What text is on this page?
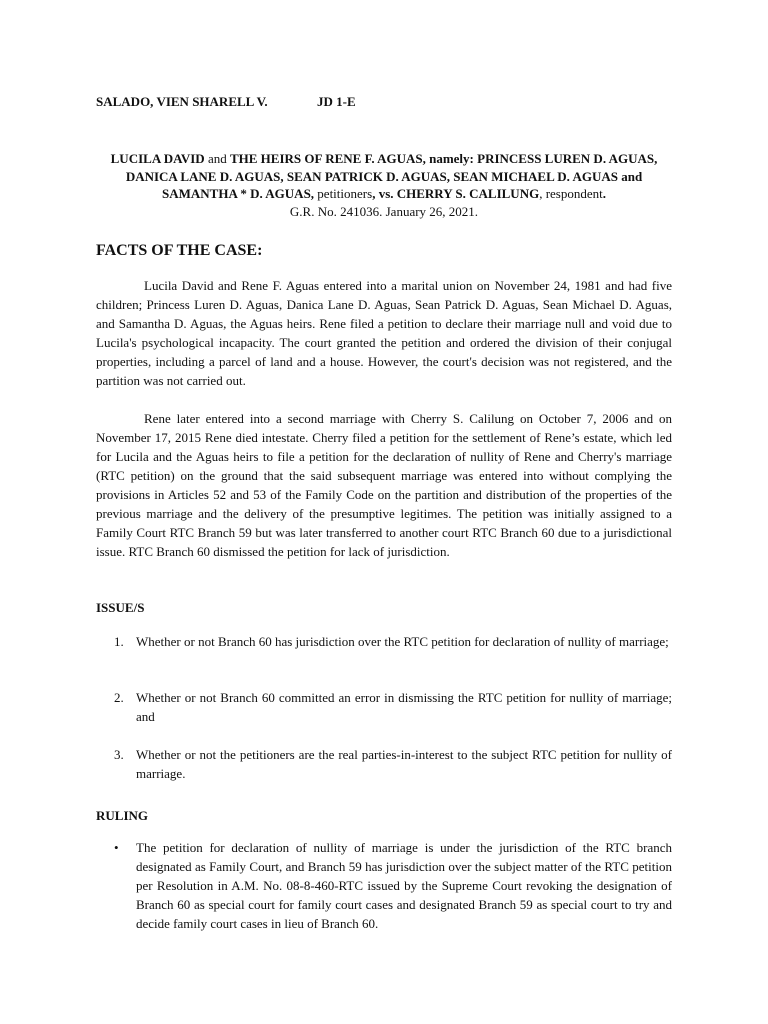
SALADO, VIEN SHARELL V.	JD 1-E
LUCILA DAVID and THE HEIRS OF RENE F. AGUAS, namely: PRINCESS LUREN D. AGUAS, DANICA LANE D. AGUAS, SEAN PATRICK D. AGUAS, SEAN MICHAEL D. AGUAS and SAMANTHA * D. AGUAS, petitioners, vs. CHERRY S. CALILUNG, respondent.
G.R. No. 241036. January 26, 2021.
FACTS OF THE CASE:

Lucila David and Rene F. Aguas entered into a marital union on November 24, 1981 and had five children; Princess Luren D. Aguas, Danica Lane D. Aguas, Sean Patrick D. Aguas, Sean Michael D. Aguas, and Samantha D. Aguas, the Aguas heirs. Rene filed a petition to declare their marriage null and void due to Lucila's psychological incapacity. The court granted the petition and ordered the division of their conjugal properties, including a parcel of land and a house. However, the court's decision was not registered, and the partition was not carried out.

Rene later entered into a second marriage with Cherry S. Calilung on October 7, 2006 and on November 17, 2015 Rene died intestate. Cherry filed a petition for the settlement of Rene’s estate, which led for Lucila and the Aguas heirs to file a petition for the declaration of nullity of Rene and Cherry's marriage (RTC petition) on the ground that the said subsequent marriage was entered into without complying the provisions in Articles 52 and 53 of the Family Code on the partition and distribution of the properties of the previous marriage and the delivery of the presumptive legitimes. The petition was initially assigned to a Family Court RTC Branch 59 but was later transferred to another court RTC Branch 60 due to a jurisdictional issue. RTC Branch 60 dismissed the petition for lack of jurisdiction.

ISSUE/S
1. Whether or not Branch 60 has jurisdiction over the RTC petition for declaration of nullity of marriage;
2. Whether or not Branch 60 committed an error in dismissing the RTC petition for nullity of marriage; and
3. Whether or not the petitioners are the real parties-in-interest to the subject RTC petition for nullity of marriage.
RULING
• The petition for declaration of nullity of marriage is under the jurisdiction of the RTC branch designated as Family Court, and Branch 59 has jurisdiction over the subject matter of the RTC petition per Resolution in A.M. No. 08-8-460-RTC issued by the Supreme Court revoking the designation of Branch 60 as special court for family court cases and designated Branch 59 as special court to try and decide family court cases in lieu of Branch 60.
